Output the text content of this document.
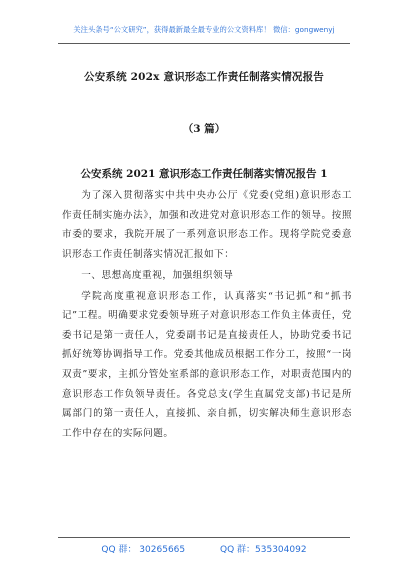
关注头条号“公文研究”，获得最新最全最专业的公文资料库！ 微信：gongwenyj
公安系统 202x 意识形态工作责任制落实情况报告
（3 篇）
公安系统 2021 意识形态工作责任制落实情况报告 1

为了深入贯彻落实中共中央办公厅《党委(党组)意识形态工作责任制实施办法》，加强和改进党对意识形态工作的领导。按照市委的要求，我院开展了一系列意识形态工作。现将学院党委意识形态工作责任制落实情况汇报如下：

一、思想高度重视，加强组织领导

学院高度重视意识形态工作，认真落实“书记抓”和“抓书记”工程。明确要求党委领导班子对意识形态工作负主体责任，党委书记是第一责任人，党委副书记是直接责任人，协助党委书记抓好统筹协调指导工作。党委其他成员根据工作分工，按照“一岗双责”要求，主抓分管处室系部的意识形态工作，对职责范围内的意识形态工作负领导责任。各党总支(学生直属党支部)书记是所属部门的第一责任人，直接抓、亲自抓，切实解决师生意识形态工作中存在的实际问题。

QQ 群： 30265665	QQ 群：535304092
